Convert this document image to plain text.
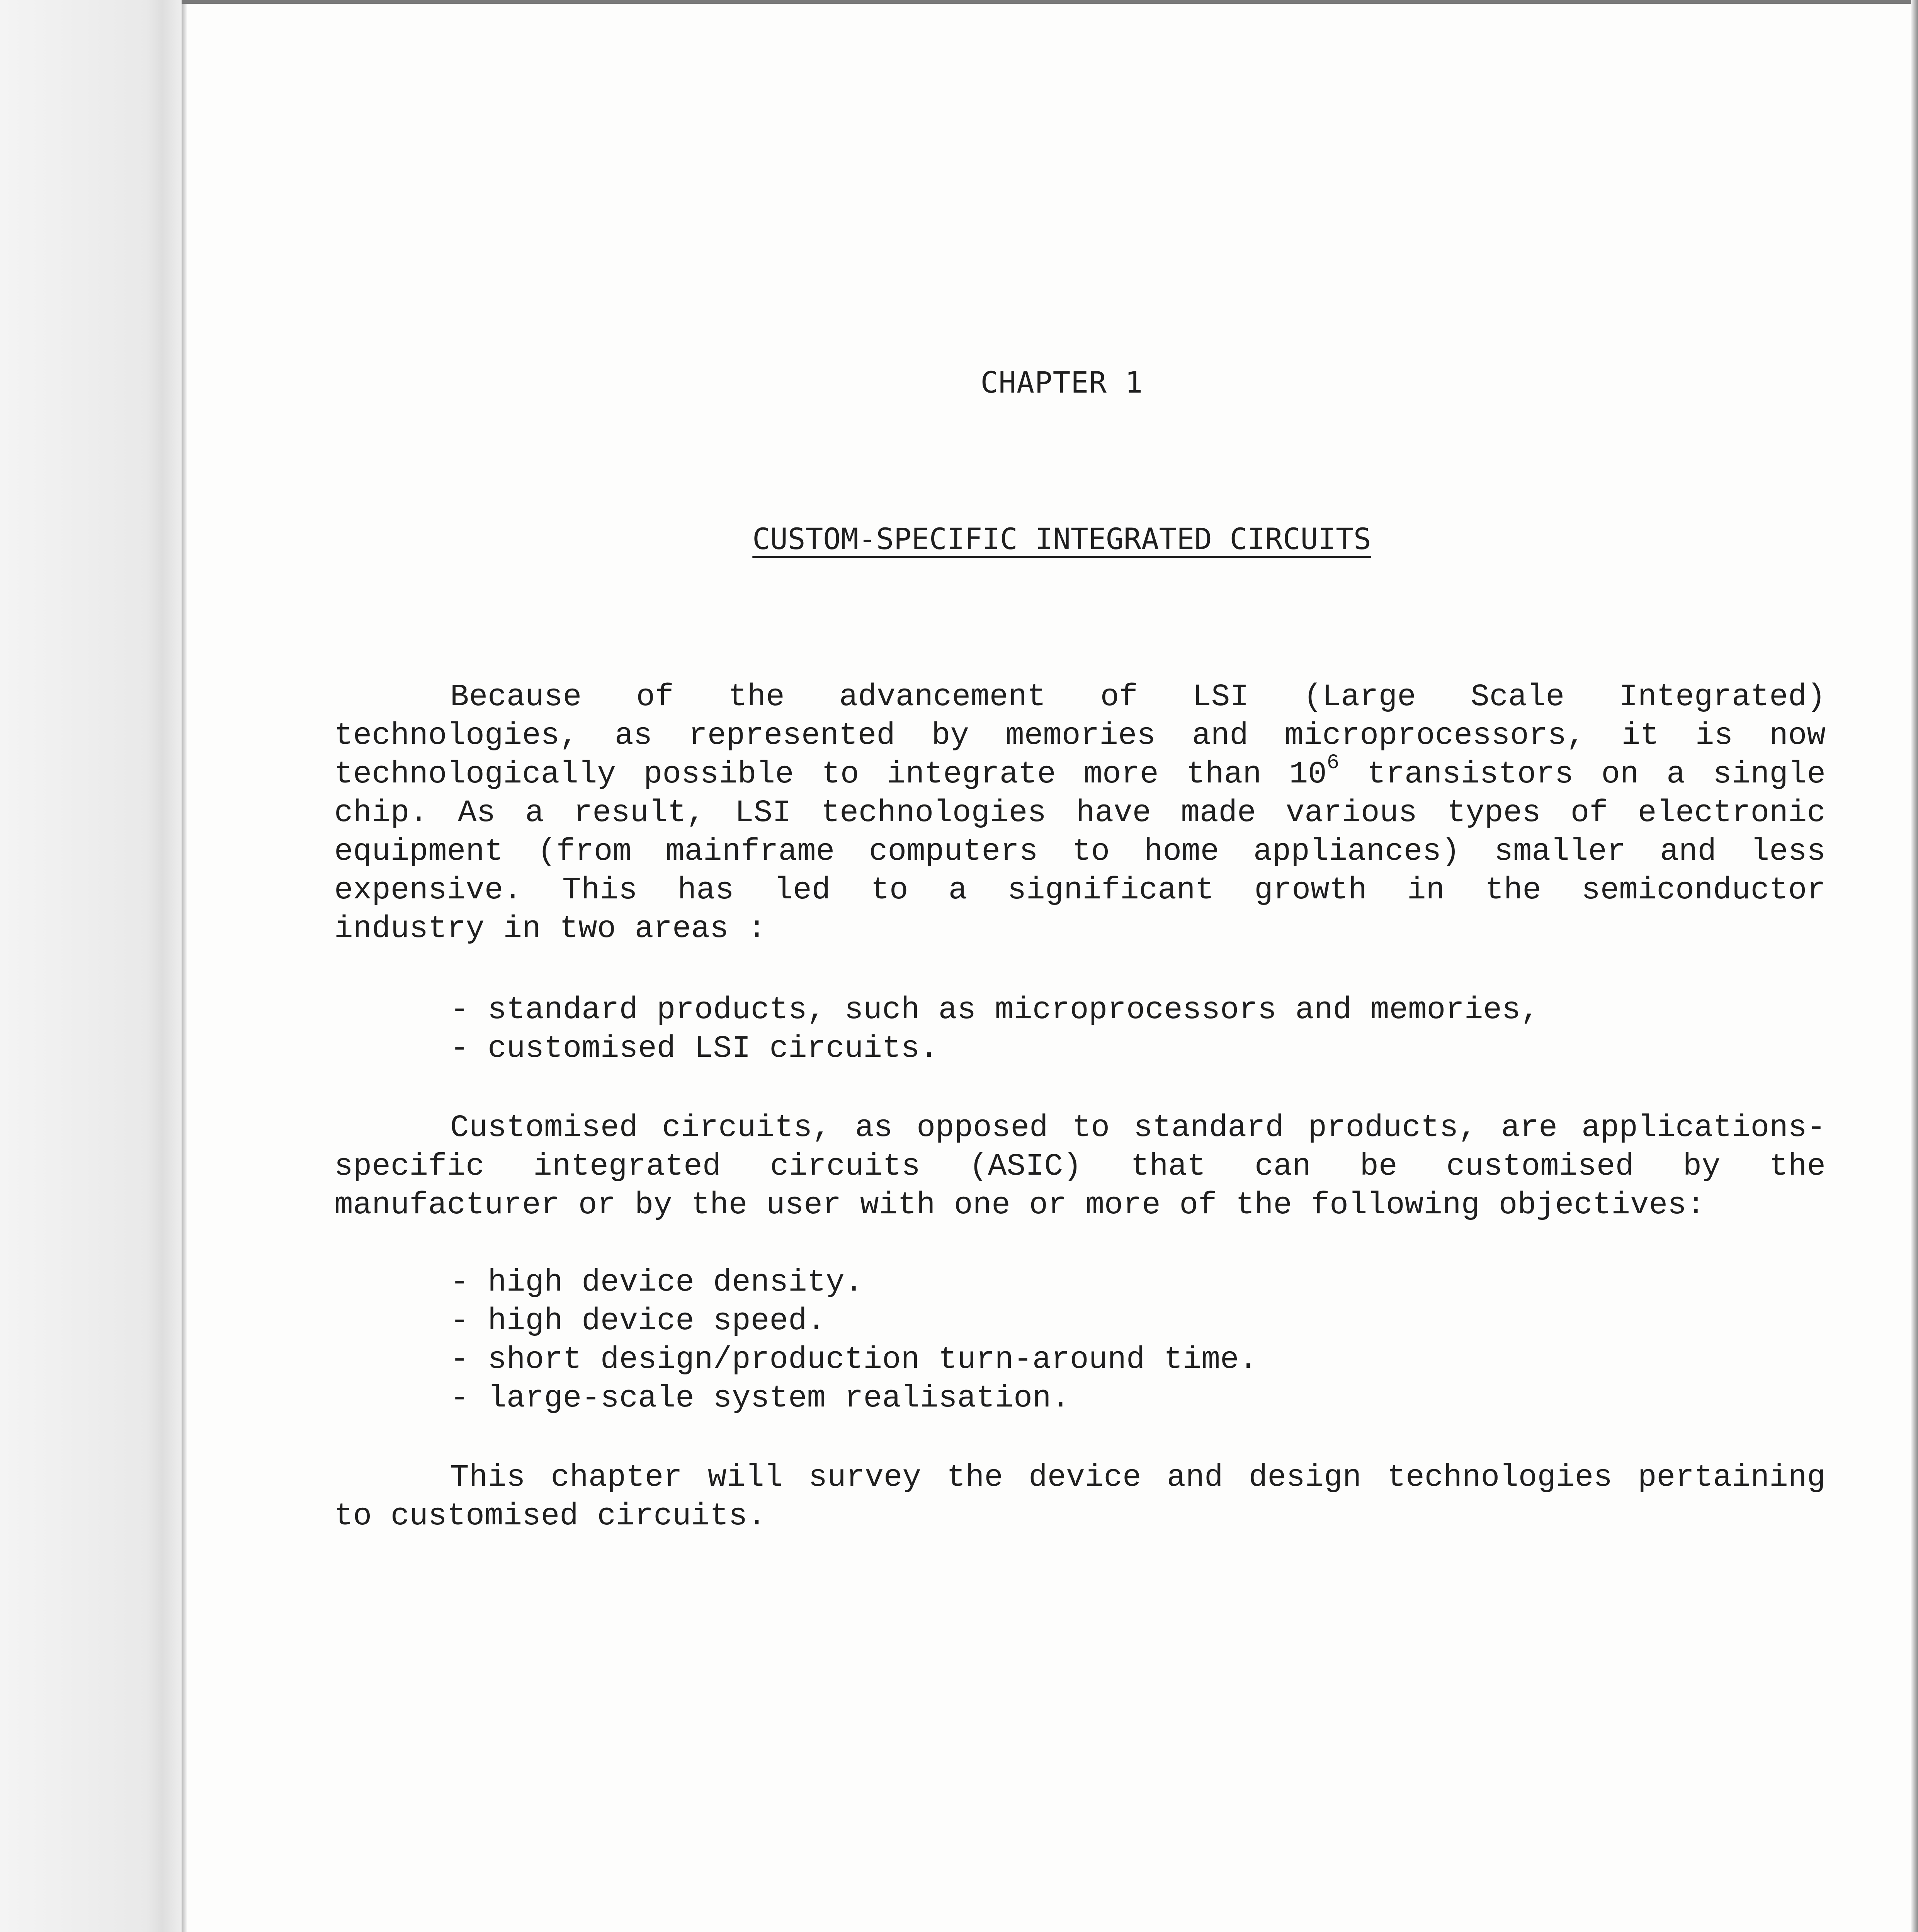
CHAPTER 1
CUSTOM-SPECIFIC INTEGRATED CIRCUITS
Because of the advancement of LSI (Large Scale Integrated)
technologies, as represented by memories and microprocessors, it is now
technologically possible to integrate more than $10^6$ transistors on a single
chip. As a result, LSI technologies have made various types of electronic
equipment (from mainframe computers to home appliances) smaller and less
expensive. This has led to a significant growth in the semiconductor
industry in two areas :
- standard products, such as microprocessors and memories,
- customised LSI circuits.
Customised circuits, as opposed to standard products, are applications-
specific integrated circuits (ASIC) that can be customised by the
manufacturer or by the user with one or more of the following objectives:
- high device density.
- high device speed.
- short design/production turn-around time.
- large-scale system realisation.
This chapter will survey the device and design technologies pertaining
to customised circuits.
